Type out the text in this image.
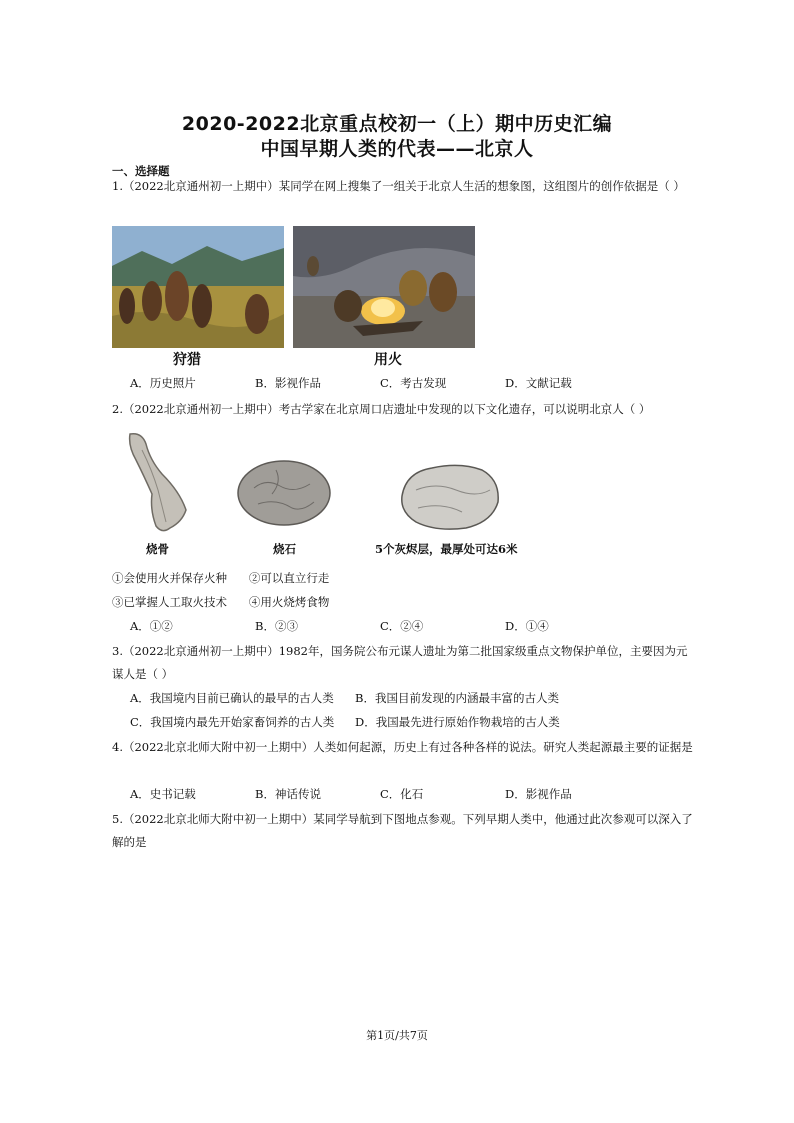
2020-2022北京重点校初一（上）期中历史汇编
中国早期人类的代表——北京人
一、选择题
1.（2022北京通州初一上期中）某同学在网上搜集了一组关于北京人生活的想象图，这组图片的创作依据是（ ）
狩猎	用火
A．历史照片	B．影视作品	C．考古发现	D．文献记载
2.（2022北京通州初一上期中）考古学家在北京周口店遗址中发现的以下文化遗存，可以说明北京人（ ）
烧骨	烧石	5个灰烬层，最厚处可达6米
①会使用火并保存火种      ②可以直立行走
③已掌握人工取火技术      ④用火烧烤食物
A．①②	B．②③	C．②④	D．①④
3.（2022北京通州初一上期中）1982年，国务院公布元谋人遗址为第二批国家级重点文物保护单位，主要因为元谋人是（ ）
A．我国境内目前已确认的最早的古人类	B．我国目前发现的内涵最丰富的古人类
C．我国境内最先开始家畜饲养的古人类	D．我国最先进行原始作物栽培的古人类
4.（2022北京北师大附中初一上期中）人类如何起源，历史上有过各种各样的说法。研究人类起源最主要的证据是
A．史书记载	B．神话传说	C．化石	D．影视作品
5.（2022北京北师大附中初一上期中）某同学导航到下图地点参观。下列早期人类中，他通过此次参观可以深入了解的是
第1页/共7页
